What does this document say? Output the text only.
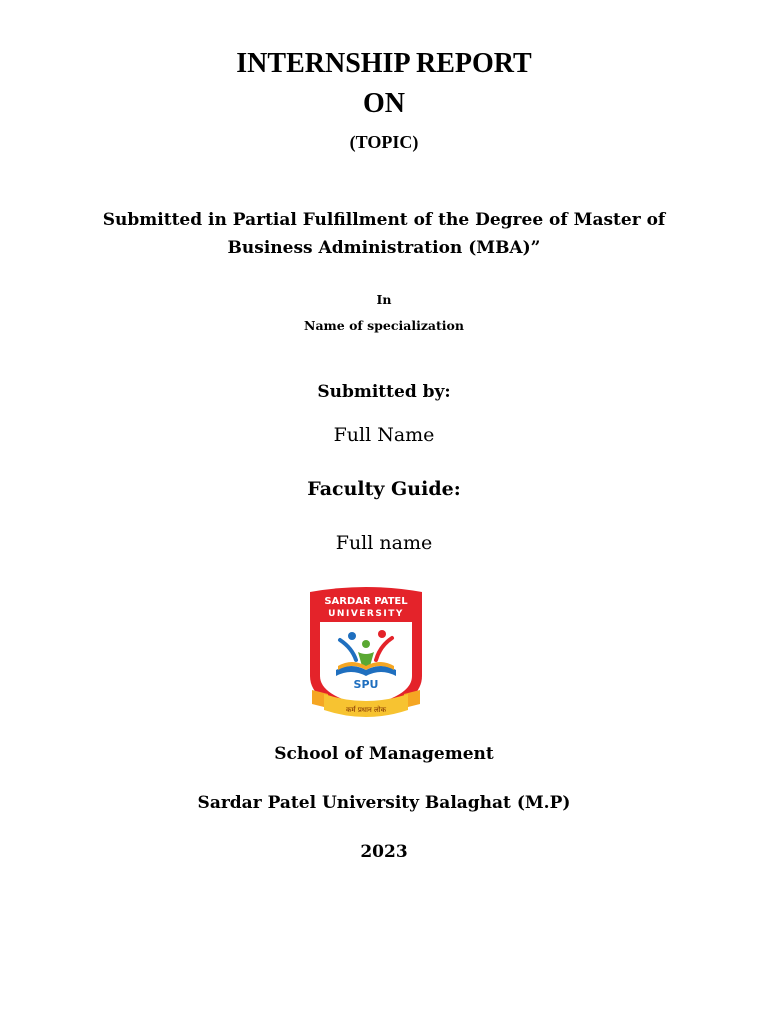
INTERNSHIP REPORT
ON
(TOPIC)
Submitted in Partial Fulfillment of the Degree of Master of
Business Administration (MBA)”
In
Name of specialization
Submitted by:
Full Name
Faculty Guide:
Full name
SARDAR PATEL
UNIVERSITY
SPU
कर्म प्रधान लोक
School of Management
Sardar Patel University Balaghat (M.P)
2023
